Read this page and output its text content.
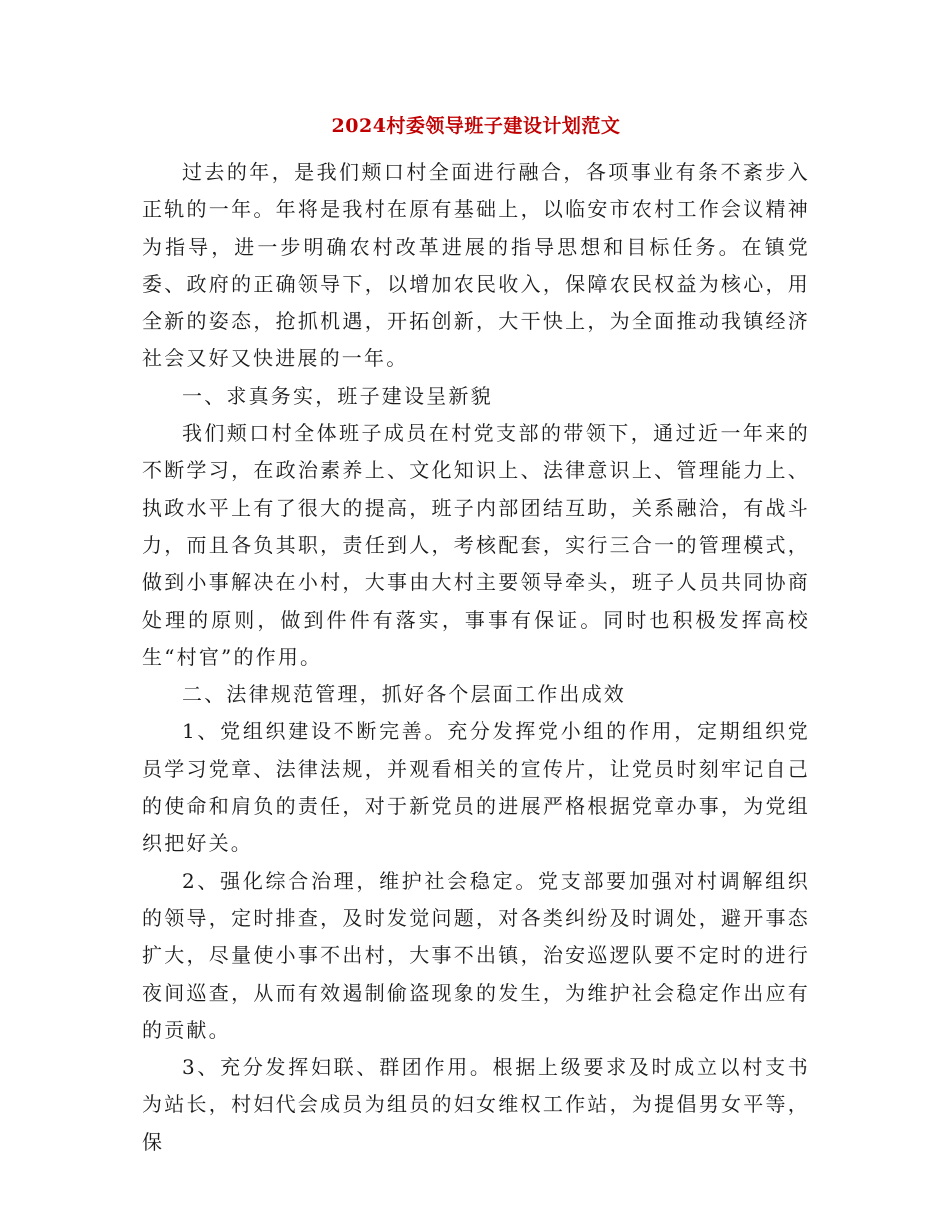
2024村委领导班子建设计划范文

过去的年，是我们颊口村全面进行融合，各项事业有条不紊步入正轨的一年。年将是我村在原有基础上，以临安市农村工作会议精神为指导，进一步明确农村改革进展的指导思想和目标任务。在镇党委、政府的正确领导下，以增加农民收入，保障农民权益为核心，用全新的姿态，抢抓机遇，开拓创新，大干快上，为全面推动我镇经济社会又好又快进展的一年。

一、求真务实，班子建设呈新貌

我们颊口村全体班子成员在村党支部的带领下，通过近一年来的不断学习，在政治素养上、文化知识上、法律意识上、管理能力上、执政水平上有了很大的提高，班子内部团结互助，关系融洽，有战斗力，而且各负其职，责任到人，考核配套，实行三合一的管理模式，做到小事解决在小村，大事由大村主要领导牵头，班子人员共同协商处理的原则，做到件件有落实，事事有保证。同时也积极发挥高校生“村官”的作用。

二、法律规范管理，抓好各个层面工作出成效

1、党组织建设不断完善。充分发挥党小组的作用，定期组织党员学习党章、法律法规，并观看相关的宣传片，让党员时刻牢记自己的使命和肩负的责任，对于新党员的进展严格根据党章办事，为党组织把好关。

2、强化综合治理，维护社会稳定。党支部要加强对村调解组织的领导，定时排查，及时发觉问题，对各类纠纷及时调处，避开事态扩大，尽量使小事不出村，大事不出镇，治安巡逻队要不定时的进行夜间巡查，从而有效遏制偷盗现象的发生，为维护社会稳定作出应有的贡献。

3、充分发挥妇联、群团作用。根据上级要求及时成立以村支书为站长，村妇代会成员为组员的妇女维权工作站，为提倡男女平等，保
